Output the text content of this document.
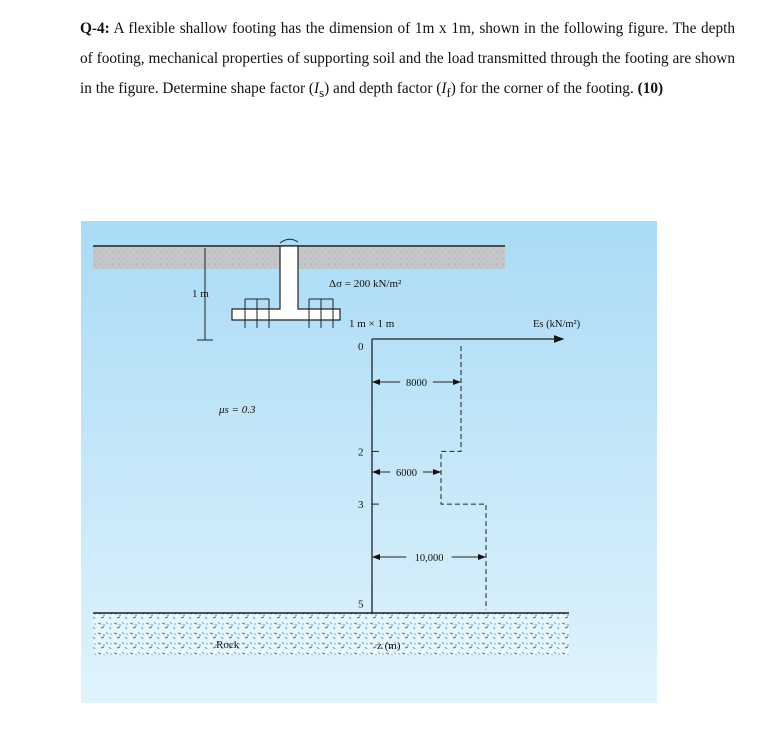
Q-4: A flexible shallow footing has the dimension of 1m x 1m, shown in the following figure. The depth of footing, mechanical properties of supporting soil and the load transmitted through the footing are shown in the figure. Determine shape factor $(I_s)$ and depth factor $(I_f)$ for the corner of the footing. (10)

Rock
Δσ = 200 kN/m²
1 m
1 m × 1 m
μs = 0.3
Es (kN/m²)
z (m)
0
2
3
5
8000
6000
10,000
